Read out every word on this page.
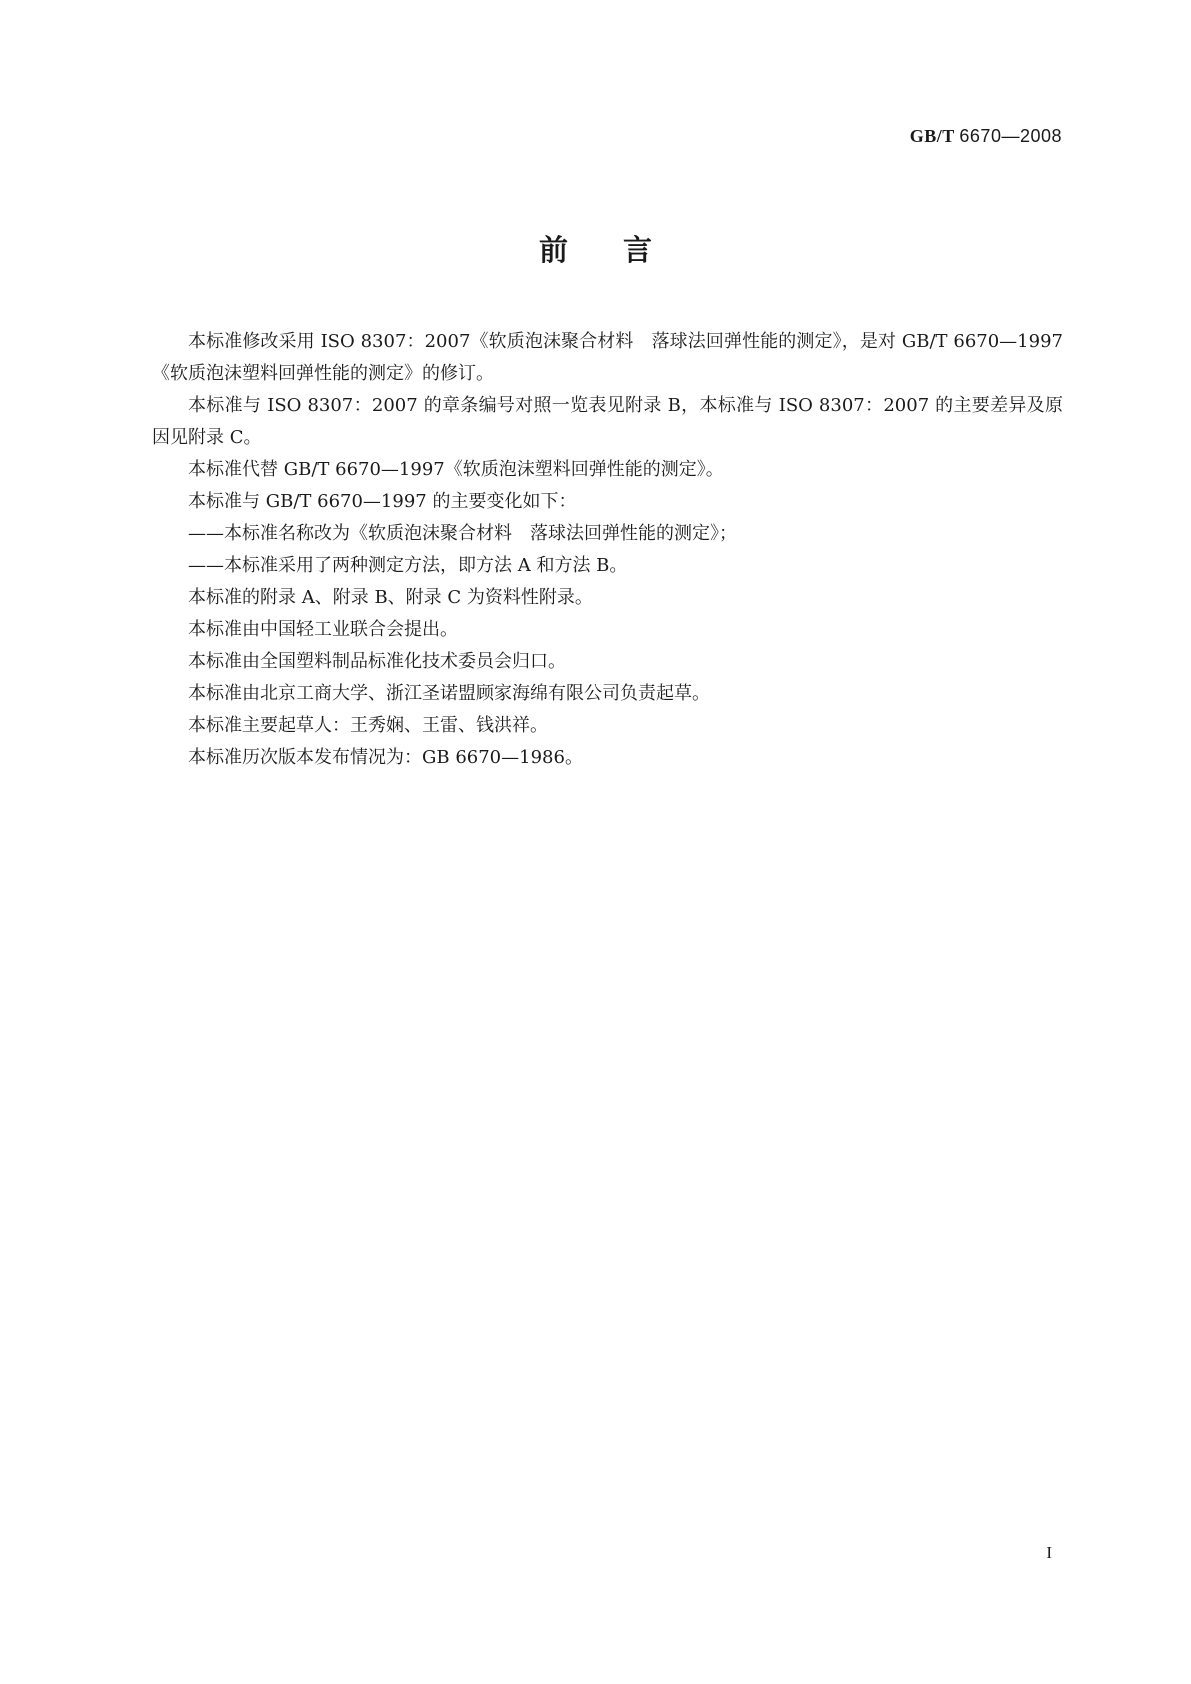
GB/T 6670—2008
前言

本标准修改采用 ISO 8307：2007《软质泡沫聚合材料　落球法回弹性能的测定》，是对 GB/T 6670—1997《软质泡沫塑料回弹性能的测定》的修订。

本标准与 ISO 8307：2007 的章条编号对照一览表见附录 B，本标准与 ISO 8307：2007 的主要差异及原因见附录 C。

本标准代替 GB/T 6670—1997《软质泡沫塑料回弹性能的测定》。

本标准与 GB/T 6670—1997 的主要变化如下：

——本标准名称改为《软质泡沫聚合材料　落球法回弹性能的测定》；

——本标准采用了两种测定方法，即方法 A 和方法 B。

本标准的附录 A、附录 B、附录 C 为资料性附录。

本标准由中国轻工业联合会提出。

本标准由全国塑料制品标准化技术委员会归口。

本标准由北京工商大学、浙江圣诺盟顾家海绵有限公司负责起草。

本标准主要起草人：王秀娴、王雷、钱洪祥。

本标准历次版本发布情况为：GB 6670—1986。

I
